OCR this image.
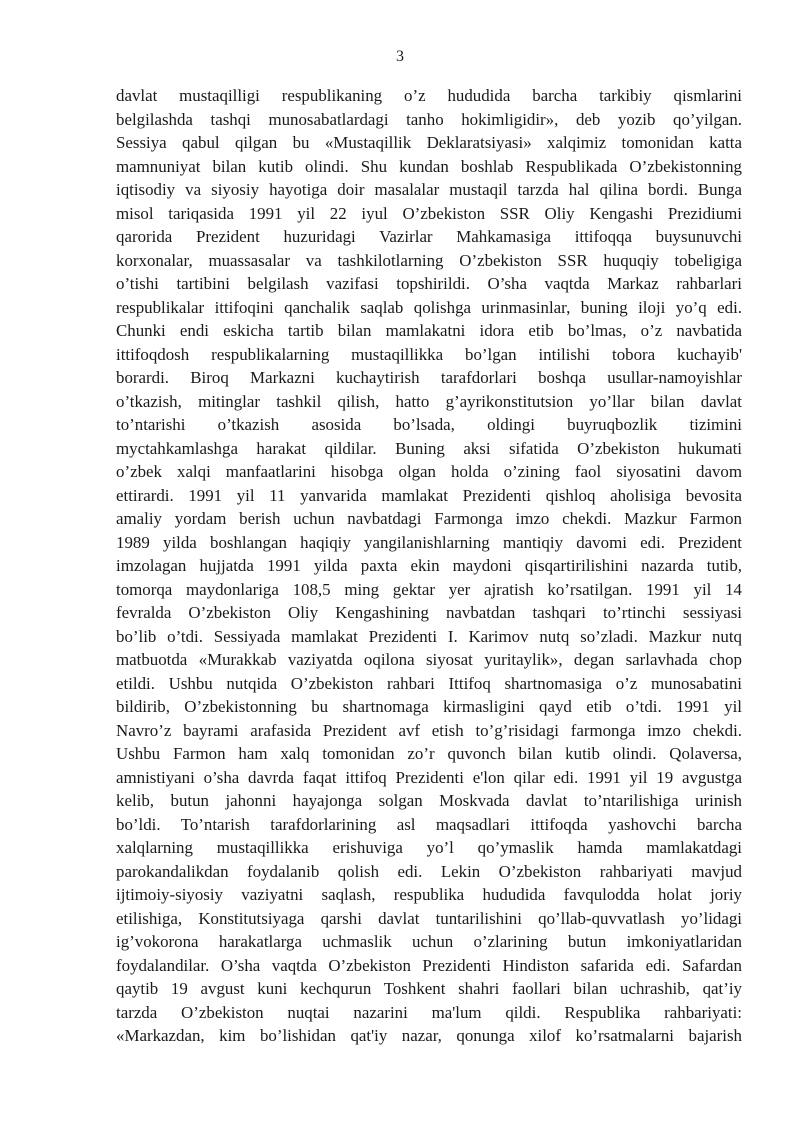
3
davlat mustaqilligi respublikaning o’z hududida barcha tarkibiy qismlarini
belgilashda tashqi munosabatlardagi tanho hokimligidir», deb yozib qo’yilgan.
Sessiya qabul qilgan bu «Mustaqillik Deklaratsiyasi» xalqimiz tomonidan katta
mamnuniyat bilan kutib olindi. Shu kundan boshlab Respublikada O’zbekistonning
iqtisodiy va siyosiy hayotiga doir masalalar mustaqil tarzda hal qilina bordi. Bunga
misol tariqasida 1991 yil 22 iyul O’zbekiston SSR Oliy Kengashi Prezidiumi
qarorida Prezident huzuridagi Vazirlar Mahkamasiga ittifoqqa buysunuvchi
korxonalar, muassasalar va tashkilotlarning O’zbekiston SSR huquqiy tobeligiga
o’tishi tartibini belgilash vazifasi topshirildi. O’sha vaqtda Markaz rahbarlari
respublikalar ittifoqini qanchalik saqlab qolishga urinmasinlar, buning iloji yo’q edi.
Chunki endi eskicha tartib bilan mamlakatni idora etib bo’lmas, o’z navbatida
ittifoqdosh respublikalarning mustaqillikka bo’lgan intilishi tobora kuchayib'
borardi. Biroq Markazni kuchaytirish tarafdorlari boshqa usullar-namoyishlar
o’tkazish, mitinglar tashkil qilish, hatto g’ayrikonstitutsion yo’llar bilan davlat
to’ntarishi o’tkazish asosida bo’lsada, oldingi buyruqbozlik tizimini
myctahkamlashga harakat qildilar. Buning aksi sifatida O’zbekiston hukumati
o’zbek xalqi manfaatlarini hisobga olgan holda o’zining faol siyosatini davom
ettirardi. 1991 yil 11 yanvarida mamlakat Prezidenti qishloq aholisiga bevosita
amaliy yordam berish uchun navbatdagi Farmonga imzo chekdi. Mazkur Farmon
1989 yilda boshlangan haqiqiy yangilanishlarning mantiqiy davomi edi. Prezident
imzolagan hujjatda 1991 yilda paxta ekin maydoni qisqartirilishini nazarda tutib,
tomorqa maydonlariga 108,5 ming gektar yer ajratish ko’rsatilgan. 1991 yil 14
fevralda O’zbekiston Oliy Kengashining navbatdan tashqari to’rtinchi sessiyasi
bo’lib o’tdi. Sessiyada mamlakat Prezidenti I. Karimov nutq so’zladi. Mazkur nutq
matbuotda «Murakkab vaziyatda oqilona siyosat yuritaylik», degan sarlavhada chop
etildi. Ushbu nutqida O’zbekiston rahbari Ittifoq shartnomasiga o’z munosabatini
bildirib, O’zbekistonning bu shartnomaga kirmasligini qayd etib o’tdi. 1991 yil
Navro’z bayrami arafasida Prezident avf etish to’g’risidagi farmonga imzo chekdi.
Ushbu Farmon ham xalq tomonidan zo’r quvonch bilan kutib olindi. Qolaversa,
amnistiyani o’sha davrda faqat ittifoq Prezidenti e'lon qilar edi. 1991 yil 19 avgustga
kelib, butun jahonni hayajonga solgan Moskvada davlat to’ntarilishiga urinish
bo’ldi. To’ntarish tarafdorlarining asl maqsadlari ittifoqda yashovchi barcha
xalqlarning mustaqillikka erishuviga yo’l qo’ymaslik hamda mamlakatdagi
parokandalikdan foydalanib qolish edi. Lekin O’zbekiston rahbariyati mavjud
ijtimoiy-siyosiy vaziyatni saqlash, respublika hududida favqulodda holat joriy
etilishiga, Konstitutsiyaga qarshi davlat tuntarilishini qo’llab-quvvatlash yo’lidagi
ig’vokorona harakatlarga uchmaslik uchun o’zlarining butun imkoniyatlaridan
foydalandilar. O’sha vaqtda O’zbekiston Prezidenti Hindiston safarida edi. Safardan
qaytib 19 avgust kuni kechqurun Toshkent shahri faollari bilan uchrashib, qat’iy
tarzda O’zbekiston nuqtai nazarini ma'lum qildi. Respublika rahbariyati:
«Markazdan, kim bo’lishidan qat'iy nazar, qonunga xilof ko’rsatmalarni bajarish
